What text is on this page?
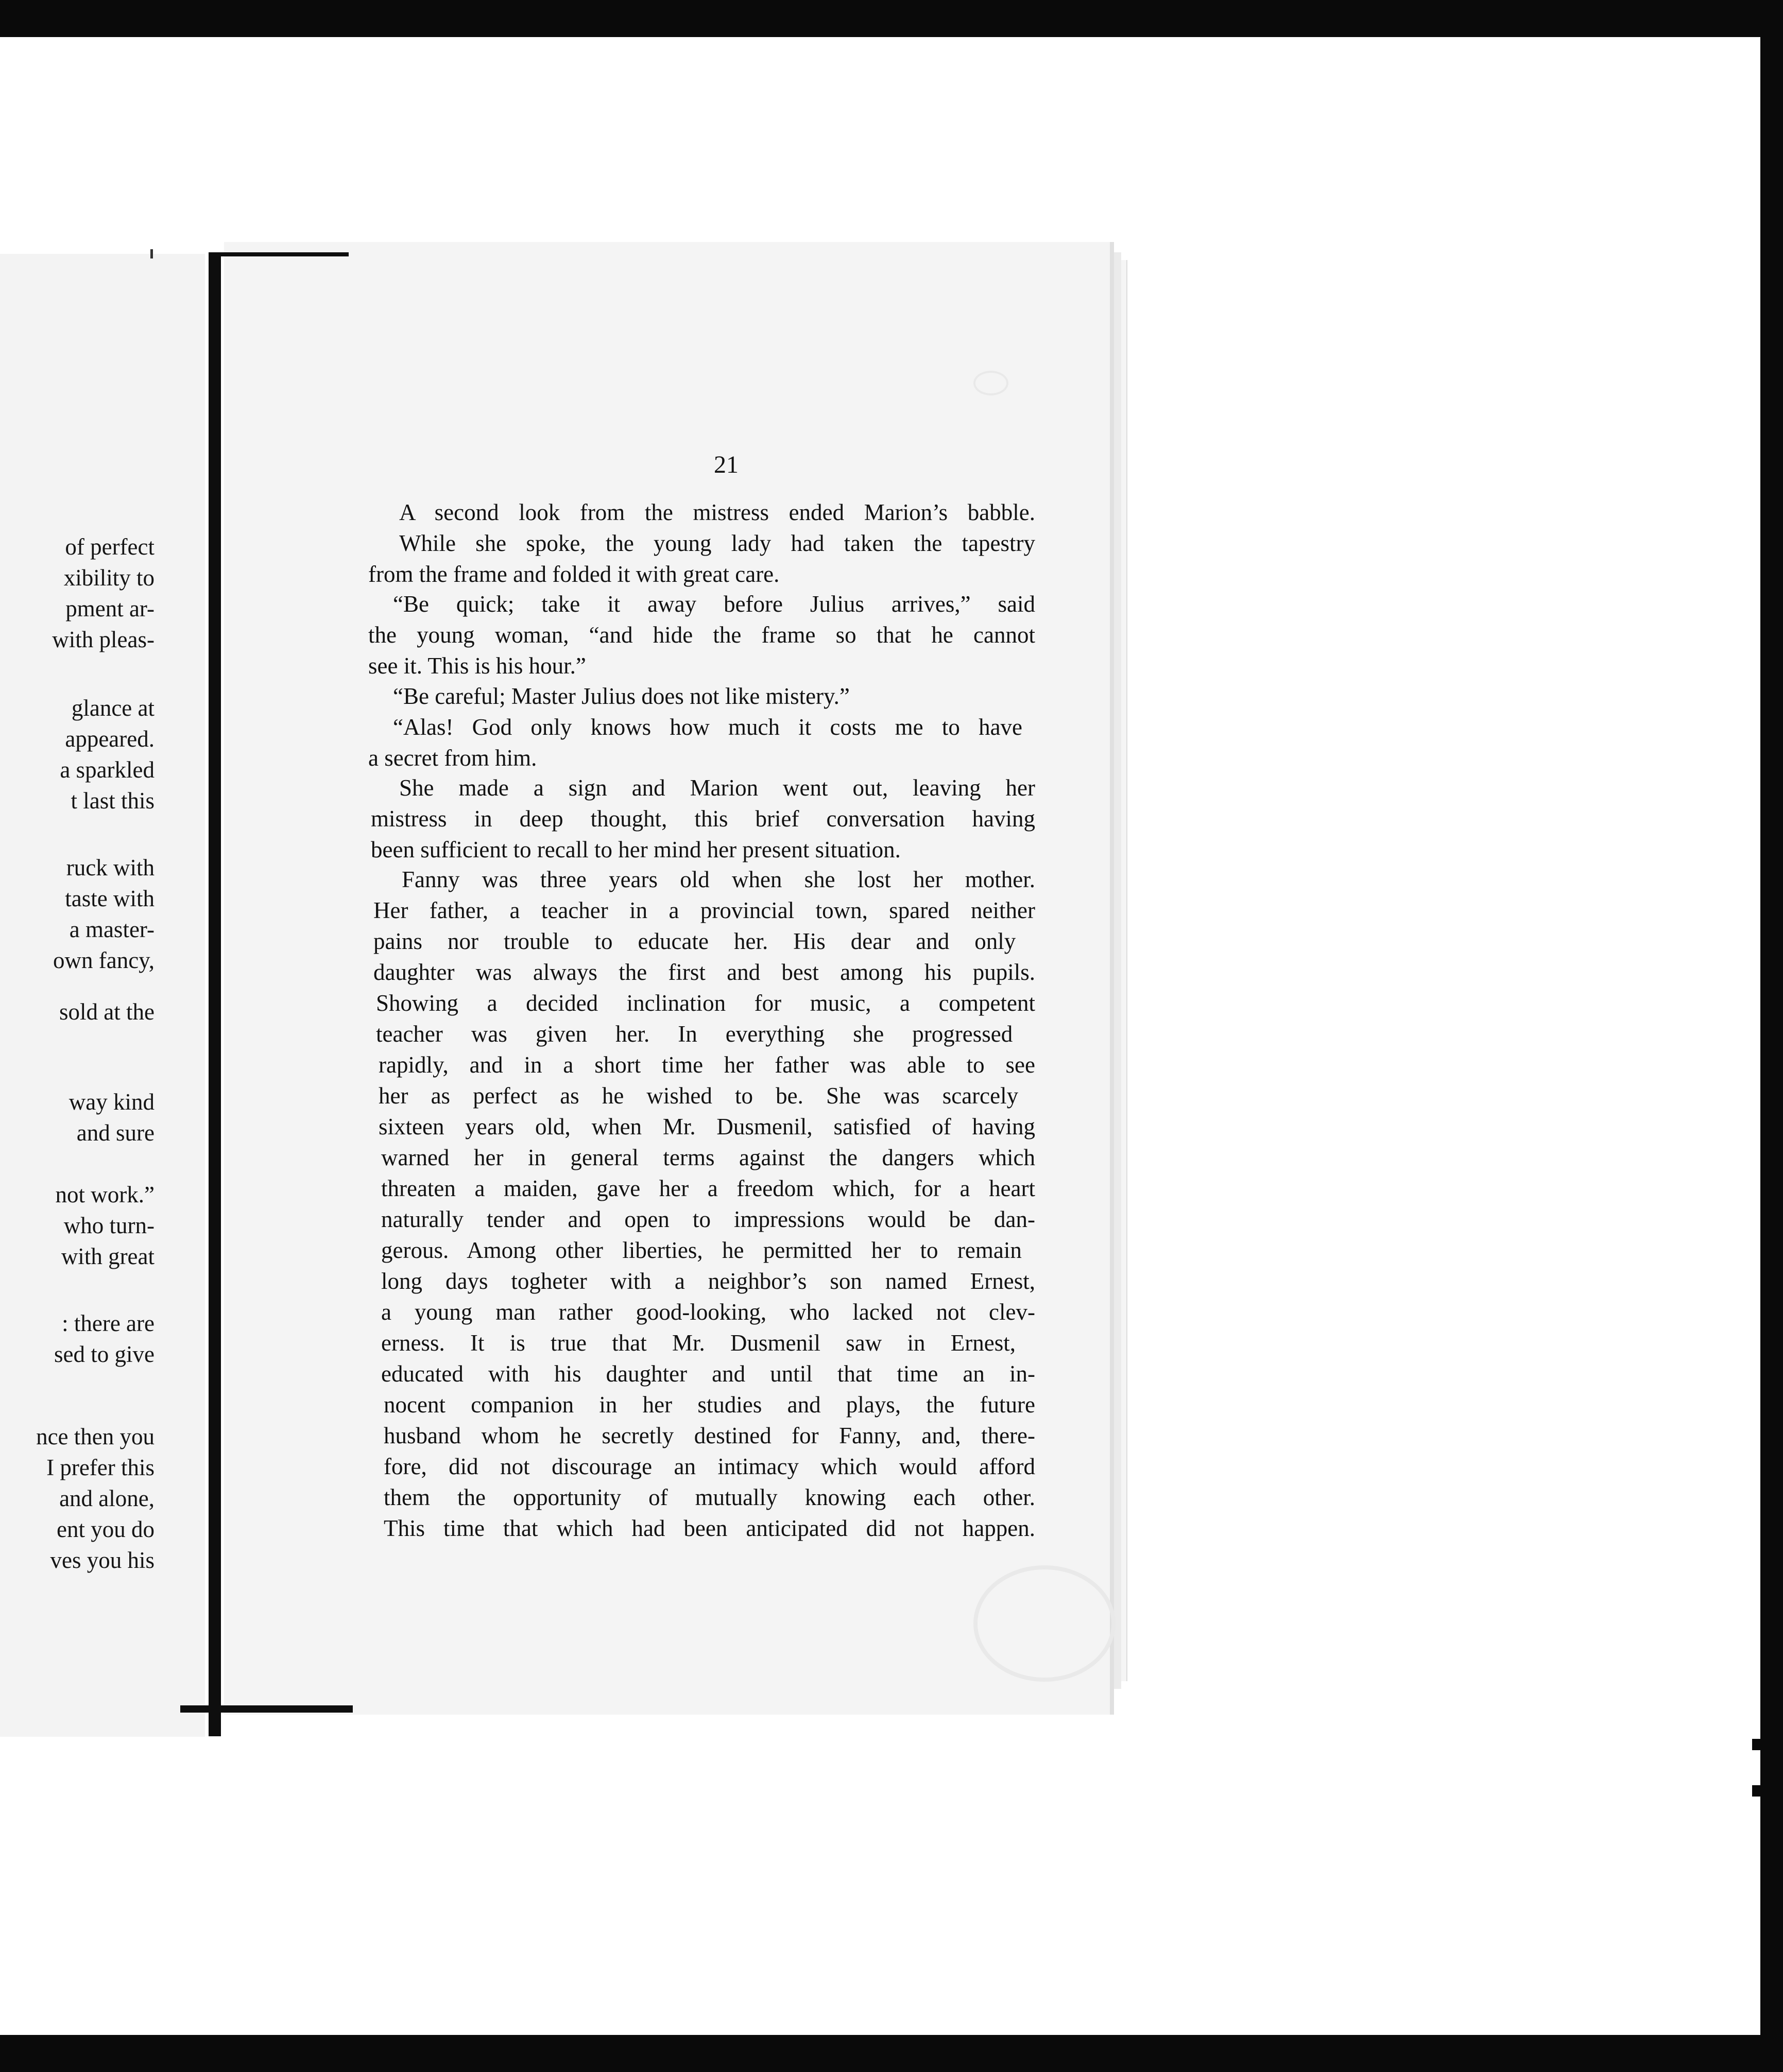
of perfect
xibility to
pment ar-
with pleas-
glance at
appeared.
a sparkled
t last this
ruck with
taste with
a master-
own fancy,
sold at the
way kind
and sure
not work.”
who turn-
with great
: there are
sed to give
nce then you
I prefer this
and alone,
ent you do
ves you his
21
A second look from the mistress ended Marion’s babble.
While she spoke, the young lady had taken the tapestry
from the frame and folded it with great care.
“Be quick; take it away before Julius arrives,” said
the young woman, “and hide the frame so that he cannot
see it. This is his hour.”
“Be careful; Master Julius does not like mistery.”
“Alas! God only knows how much it costs me to have
a secret from him.
She made a sign and Marion went out, leaving her
mistress in deep thought, this brief conversation having
been sufficient to recall to her mind her present situation.
Fanny was three years old when she lost her mother.
Her father, a teacher in a provincial town, spared neither
pains nor trouble to educate her. His dear and only
daughter was always the first and best among his pupils.
Showing a decided inclination for music, a competent
teacher was given her. In everything she progressed
rapidly, and in a short time her father was able to see
her as perfect as he wished to be. She was scarcely
sixteen years old, when Mr. Dusmenil, satisfied of having
warned her in general terms against the dangers which
threaten a maiden, gave her a freedom which, for a heart
naturally tender and open to impressions would be dan-
gerous. Among other liberties, he permitted her to remain
long days togheter with a neighbor’s son named Ernest,
a young man rather good-looking, who lacked not clev-
erness. It is true that Mr. Dusmenil saw in Ernest,
educated with his daughter and until that time an in-
nocent companion in her studies and plays, the future
husband whom he secretly destined for Fanny, and, there-
fore, did not discourage an intimacy which would afford
them the opportunity of mutually knowing each other.
This time that which had been anticipated did not happen.
